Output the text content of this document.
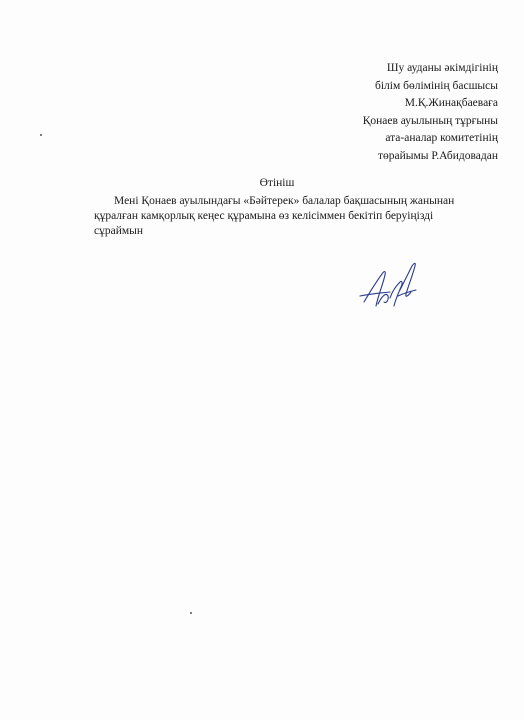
Шу ауданы әкімдігінің
білім бөлімінің басшысы
М.Қ.Жинақбаеваға
Қонаев ауылының тұрғыны
ата-аналар комитетінің
төрайымы Р.Абидовадан
Өтініш
Мені Қонаев ауылындағы «Бәйтерек» балалар бақшасының жанынан
құралған камқорлық кеңес құрамына өз келісіммен бекітіп беруіңізді
сұраймын
